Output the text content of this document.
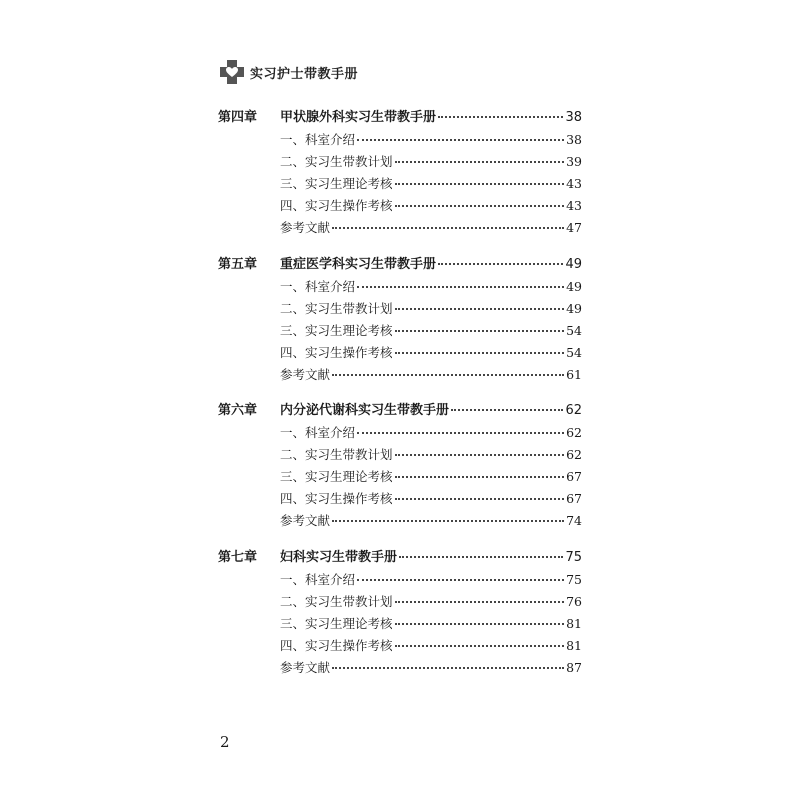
实习护士带教手册
第四章	甲状腺外科实习生带教手册	38
一、科室介绍	38
二、实习生带教计划	39
三、实习生理论考核	43
四、实习生操作考核	43
参考文献	47
第五章	重症医学科实习生带教手册	49
一、科室介绍	49
二、实习生带教计划	49
三、实习生理论考核	54
四、实习生操作考核	54
参考文献	61
第六章	内分泌代谢科实习生带教手册	62
一、科室介绍	62
二、实习生带教计划	62
三、实习生理论考核	67
四、实习生操作考核	67
参考文献	74
第七章	妇科实习生带教手册	75
一、科室介绍	75
二、实习生带教计划	76
三、实习生理论考核	81
四、实习生操作考核	81
参考文献	87
2
